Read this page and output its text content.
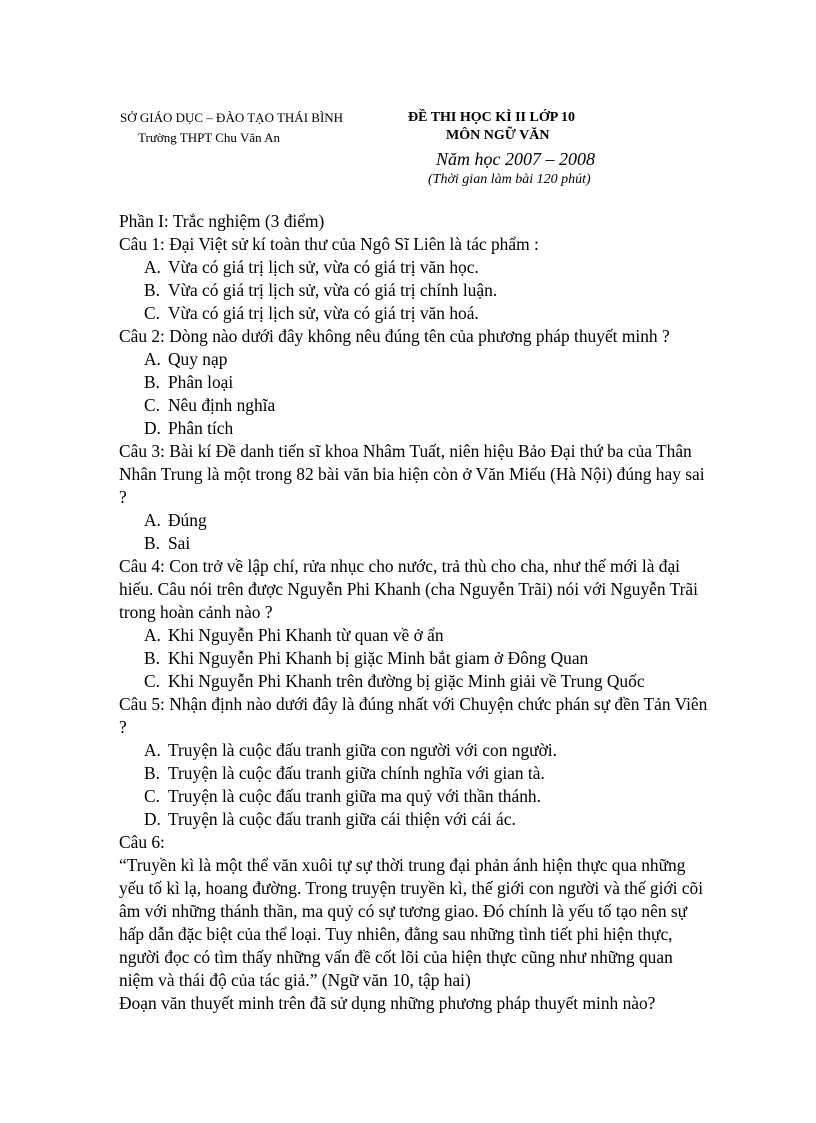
SỞ GIÁO DỤC – ĐÀO TẠO THÁI BÌNH
Trường THPT Chu Văn An
ĐỀ THI HỌC KÌ II LỚP 10
MÔN NGỮ VĂN
Năm học 2007 – 2008
(Thời gian làm bài 120 phút)

Phần I: Trắc nghiệm (3 điểm)

Câu 1: Đại Việt sử kí toàn thư của Ngô Sĩ Liên là tác phẩm :

A. Vừa có giá trị lịch sử, vừa có giá trị văn học.

B. Vừa có giá trị lịch sử, vừa có giá trị chính luận.

C. Vừa có giá trị lịch sử, vừa có giá trị văn hoá.

Câu 2: Dòng nào dưới đây không nêu đúng tên của phương pháp thuyết minh ?

A. Quy nạp

B. Phân loại

C. Nêu định nghĩa

D. Phân tích

Câu 3: Bài kí Đề danh tiến sĩ khoa Nhâm Tuất, niên hiệu Bảo Đại thứ ba của Thân Nhân Trung là một trong 82 bài văn bia hiện còn ở Văn Miếu (Hà Nội) đúng hay sai ?

A. Đúng

B. Sai

Câu 4: Con trở về lập chí, rửa nhục cho nước, trả thù cho cha, như thế mới là đại hiếu. Câu nói trên được Nguyễn Phi Khanh (cha Nguyễn Trãi) nói với Nguyễn Trãi trong hoàn cảnh nào ?

A. Khi Nguyễn Phi Khanh từ quan về ở ẩn

B. Khi Nguyễn Phi Khanh bị giặc Minh bắt giam ở Đông Quan

C. Khi Nguyễn Phi Khanh trên đường bị giặc Minh giải về Trung Quốc

Câu 5: Nhận định nào dưới đây là đúng nhất với Chuyện chức phán sự đền Tản Viên ?

A. Truyện là cuộc đấu tranh giữa con người với con người.

B. Truyện là cuộc đấu tranh giữa chính nghĩa với gian tà.

C. Truyện là cuộc đấu tranh giữa ma quỷ với thần thánh.

D. Truyện là cuộc đấu tranh giữa cái thiện với cái ác.

Câu 6:

“Truyền kì là một thể văn xuôi tự sự thời trung đại phản ánh hiện thực qua những yếu tố kì lạ, hoang đường. Trong truyện truyền kì, thế giới con người và thế giới cõi âm với những thánh thần, ma quỷ có sự tương giao. Đó chính là yếu tố tạo nên sự hấp dẫn đặc biệt của thể loại. Tuy nhiên, đằng sau những tình tiết phi hiện thực, người đọc có tìm thấy những vấn đề cốt lõi của hiện thực cũng như những quan niệm và thái độ của tác giả.” (Ngữ văn 10, tập hai)

Đoạn văn thuyết minh trên đã sử dụng những phương pháp thuyết minh nào?
